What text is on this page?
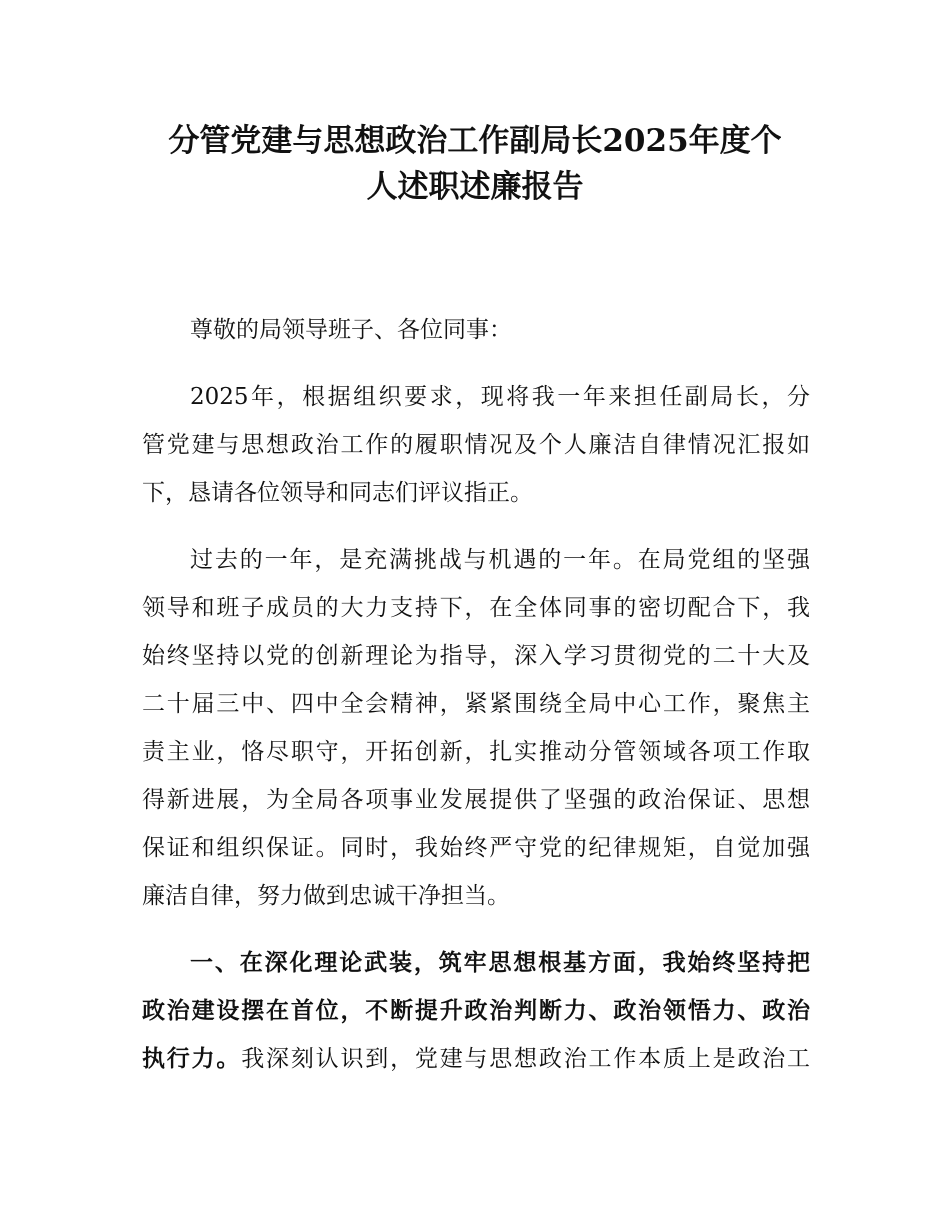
分管党建与思想政治工作副局长2025年度个
人述职述廉报告
尊敬的局领导班子、各位同事：
2025年，根据组织要求，现将我一年来担任副局长，分
管党建与思想政治工作的履职情况及个人廉洁自律情况汇报如
下，恳请各位领导和同志们评议指正。
过去的一年，是充满挑战与机遇的一年。在局党组的坚强
领导和班子成员的大力支持下，在全体同事的密切配合下，我
始终坚持以党的创新理论为指导，深入学习贯彻党的二十大及
二十届三中、四中全会精神，紧紧围绕全局中心工作，聚焦主
责主业，恪尽职守，开拓创新，扎实推动分管领域各项工作取
得新进展，为全局各项事业发展提供了坚强的政治保证、思想
保证和组织保证。同时，我始终严守党的纪律规矩，自觉加强
廉洁自律，努力做到忠诚干净担当。
一、在深化理论武装，筑牢思想根基方面，我始终坚持把
政治建设摆在首位，不断提升政治判断力、政治领悟力、政治
执行力。我深刻认识到，党建与思想政治工作本质上是政治工
